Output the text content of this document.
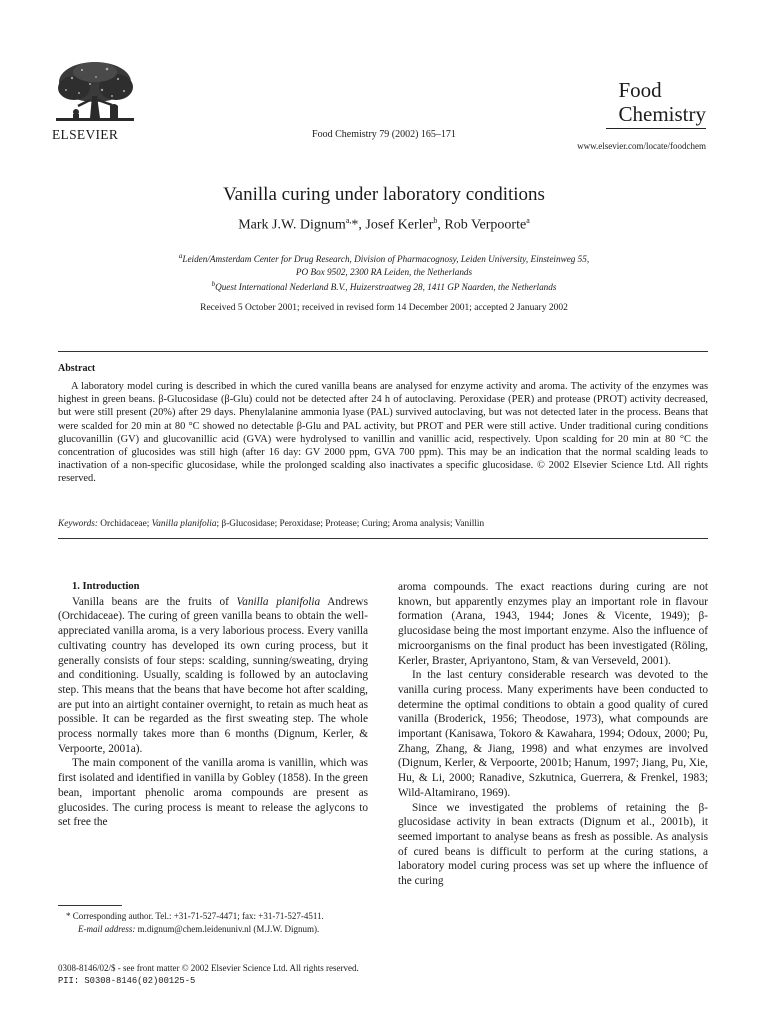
ELSEVIER	Food Chemistry 79 (2002) 165–171
Food
Chemistry
www.elsevier.com/locate/foodchem
Vanilla curing under laboratory conditions
Mark J.W. Dignum$^{a,}$*, Josef Kerler$^b$, Rob Verpoorte$^a$
$^a$Leiden/Amsterdam Center for Drug Research, Division of Pharmacognosy, Leiden University, Einsteinweg 55,
PO Box 9502, 2300 RA Leiden, the Netherlands
$^b$Quest International Nederland B.V., Huizerstraatweg 28, 1411 GP Naarden, the Netherlands
Received 5 October 2001; received in revised form 14 December 2001; accepted 2 January 2002
Abstract
A laboratory model curing is described in which the cured vanilla beans are analysed for enzyme activity and aroma. The activity of the enzymes was highest in green beans. β-Glucosidase (β-Glu) could not be detected after 24 h of autoclaving. Peroxidase (PER) and protease (PROT) activity decreased, but were still present (20%) after 29 days. Phenylalanine ammonia lyase (PAL) survived autoclaving, but was not detected later in the process. Beans that were scalded for 20 min at 80 °C showed no detectable β-Glu and PAL activity, but PROT and PER were still active. Under traditional curing conditions glucovanillin (GV) and glucovanillic acid (GVA) were hydrolysed to vanillin and vanillic acid, respectively. Upon scalding for 20 min at 80 °C the concentration of glucosides was still high (after 16 day: GV 2000 ppm, GVA 700 ppm). This may be an indication that the normal scalding leads to inactivation of a non-specific glucosidase, while the prolonged scalding also inactivates a specific glucosidase. © 2002 Elsevier Science Ltd. All rights reserved.
Keywords: Orchidaceae; Vanilla planifolia; β-Glucosidase; Peroxidase; Protease; Curing; Aroma analysis; Vanillin

1. Introduction

Vanilla beans are the fruits of Vanilla planifolia Andrews (Orchidaceae). The curing of green vanilla beans to obtain the well-appreciated vanilla aroma, is a very laborious process. Every vanilla cultivating country has developed its own curing process, but it generally consists of four steps: scalding, sunning/sweating, drying and conditioning. Usually, scalding is followed by an autoclaving step. This means that the beans that have become hot after scalding, are put into an airtight container overnight, to retain as much heat as possible. It can be regarded as the first sweating step. The whole process normally takes more than 6 months (Dignum, Kerler, & Verpoorte, 2001a).

The main component of the vanilla aroma is vanillin, which was first isolated and identified in vanilla by Gobley (1858). In the green bean, important phenolic aroma compounds are present as glucosides. The curing process is meant to release the aglycons to set free the

aroma compounds. The exact reactions during curing are not known, but apparently enzymes play an important role in flavour formation (Arana, 1943, 1944; Jones & Vicente, 1949); β-glucosidase being the most important enzyme. Also the influence of microorganisms on the final product has been investigated (Röling, Kerler, Braster, Apriyantono, Stam, & van Verseveld, 2001).

In the last century considerable research was devoted to the vanilla curing process. Many experiments have been conducted to determine the optimal conditions to obtain a good quality of cured vanilla (Broderick, 1956; Theodose, 1973), what compounds are important (Kanisawa, Tokoro & Kawahara, 1994; Odoux, 2000; Pu, Zhang, Zhang, & Jiang, 1998) and what enzymes are involved (Dignum, Kerler, & Verpoorte, 2001b; Hanum, 1997; Jiang, Pu, Xie, Hu, & Li, 2000; Ranadive, Szkutnica, Guerrera, & Frenkel, 1983; Wild-Altamirano, 1969).

Since we investigated the problems of retaining the β-glucosidase activity in bean extracts (Dignum et al., 2001b), it seemed important to analyse beans as fresh as possible. As analysis of cured beans is difficult to perform at the curing stations, a laboratory model curing process was set up where the influence of the curing

* Corresponding author. Tel.: +31-71-527-4471; fax: +31-71-527-4511.
E-mail address: m.dignum@chem.leidenuniv.nl (M.J.W. Dignum).
0308-8146/02/$ - see front matter © 2002 Elsevier Science Ltd. All rights reserved.
PII: S0308-8146(02)00125-5
